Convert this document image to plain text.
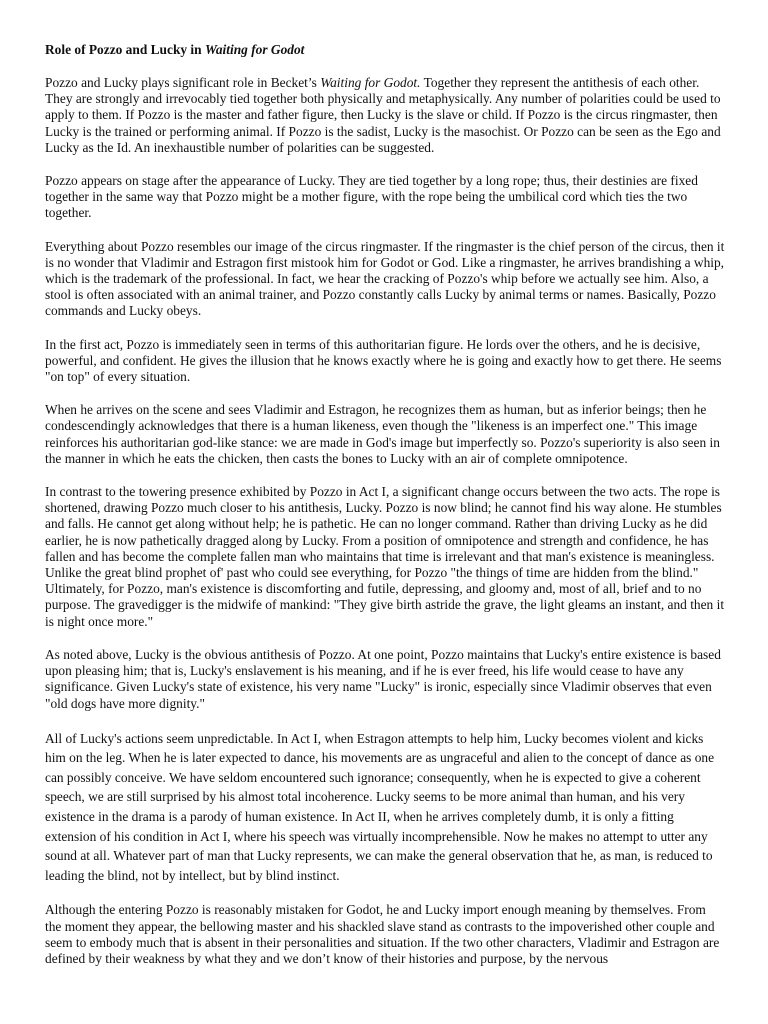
Role of Pozzo and Lucky in Waiting for Godot

Pozzo and Lucky plays significant role in Becket’s Waiting for Godot. Together they represent the antithesis of each other. They are strongly and irrevocably tied together both physically and metaphysically. Any number of polarities could be used to apply to them. If Pozzo is the master and father figure, then Lucky is the slave or child. If Pozzo is the circus ringmaster, then Lucky is the trained or performing animal. If Pozzo is the sadist, Lucky is the masochist. Or Pozzo can be seen as the Ego and Lucky as the Id. An inexhaustible number of polarities can be suggested.

Pozzo appears on stage after the appearance of Lucky. They are tied together by a long rope; thus, their destinies are fixed together in the same way that Pozzo might be a mother figure, with the rope being the umbilical cord which ties the two together.

Everything about Pozzo resembles our image of the circus ringmaster. If the ringmaster is the chief person of the circus, then it is no wonder that Vladimir and Estragon first mistook him for Godot or God. Like a ringmaster, he arrives brandishing a whip, which is the trademark of the professional. In fact, we hear the cracking of Pozzo's whip before we actually see him. Also, a stool is often associated with an animal trainer, and Pozzo constantly calls Lucky by animal terms or names. Basically, Pozzo commands and Lucky obeys.

In the first act, Pozzo is immediately seen in terms of this authoritarian figure. He lords over the others, and he is decisive, powerful, and confident. He gives the illusion that he knows exactly where he is going and exactly how to get there. He seems "on top" of every situation.

When he arrives on the scene and sees Vladimir and Estragon, he recognizes them as human, but as inferior beings; then he condescendingly acknowledges that there is a human likeness, even though the "likeness is an imperfect one." This image reinforces his authoritarian god-like stance: we are made in God's image but imperfectly so. Pozzo's superiority is also seen in the manner in which he eats the chicken, then casts the bones to Lucky with an air of complete omnipotence.

In contrast to the towering presence exhibited by Pozzo in Act I, a significant change occurs between the two acts. The rope is shortened, drawing Pozzo much closer to his antithesis, Lucky. Pozzo is now blind; he cannot find his way alone. He stumbles and falls. He cannot get along without help; he is pathetic. He can no longer command. Rather than driving Lucky as he did earlier, he is now pathetically dragged along by Lucky. From a position of omnipotence and strength and confidence, he has fallen and has become the complete fallen man who maintains that time is irrelevant and that man's existence is meaningless. Unlike the great blind prophet of' past who could see everything, for Pozzo "the things of time are hidden from the blind." Ultimately, for Pozzo, man's existence is discomforting and futile, depressing, and gloomy and, most of all, brief and to no purpose. The gravedigger is the midwife of mankind: "They give birth astride the grave, the light gleams an instant, and then it is night once more."

As noted above, Lucky is the obvious antithesis of Pozzo. At one point, Pozzo maintains that Lucky's entire existence is based upon pleasing him; that is, Lucky's enslavement is his meaning, and if he is ever freed, his life would cease to have any significance. Given Lucky's state of existence, his very name "Lucky" is ironic, especially since Vladimir observes that even "old dogs have more dignity."

All of Lucky's actions seem unpredictable. In Act I, when Estragon attempts to help him, Lucky becomes violent and kicks him on the leg. When he is later expected to dance, his movements are as ungraceful and alien to the concept of dance as one can possibly conceive. We have seldom encountered such ignorance; consequently, when he is expected to give a coherent speech, we are still surprised by his almost total incoherence. Lucky seems to be more animal than human, and his very existence in the drama is a parody of human existence. In Act II, when he arrives completely dumb, it is only a fitting extension of his condition in Act I, where his speech was virtually incomprehensible. Now he makes no attempt to utter any sound at all. Whatever part of man that Lucky represents, we can make the general observation that he, as man, is reduced to leading the blind, not by intellect, but by blind instinct.

Although the entering Pozzo is reasonably mistaken for Godot, he and Lucky import enough meaning by themselves. From the moment they appear, the bellowing master and his shackled slave stand as contrasts to the impoverished other couple and seem to embody much that is absent in their personalities and situation. If the two other characters, Vladimir and Estragon are defined by their weakness by what they and we don’t know of their histories and purpose, by the nervous
